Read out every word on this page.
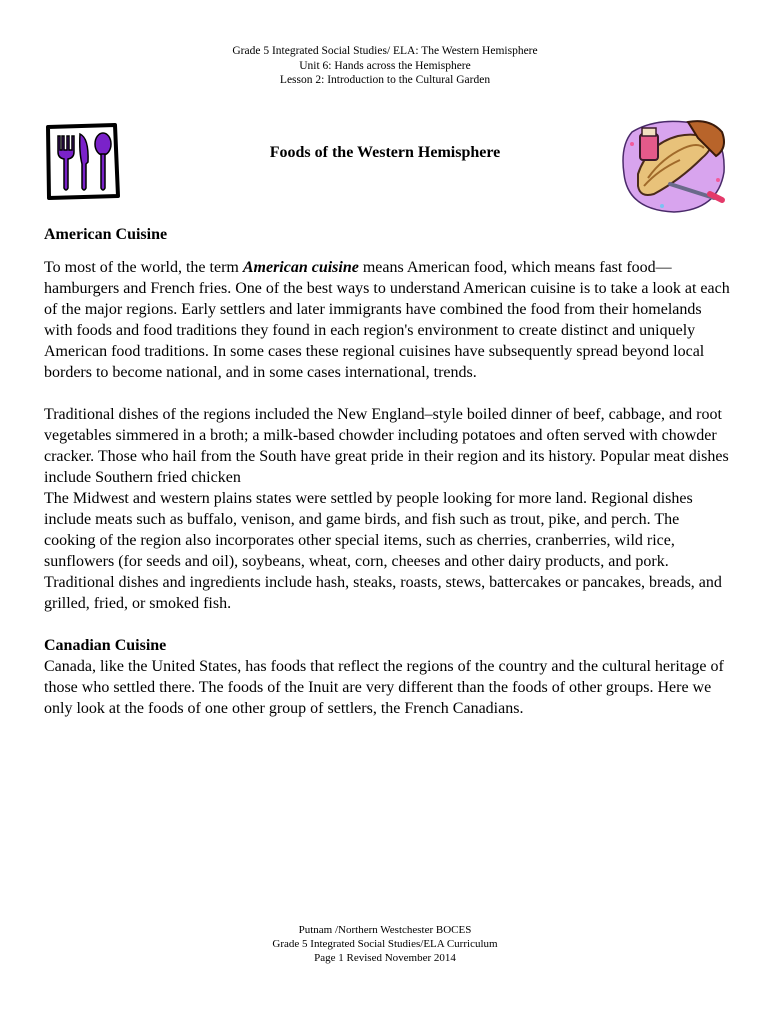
Grade 5 Integrated Social Studies/ ELA: The Western Hemisphere
Unit 6: Hands across the Hemisphere
Lesson 2: Introduction to the Cultural Garden
Foods of the Western Hemisphere
American Cuisine

To most of the world, the term American cuisine means American food, which means fast food—hamburgers and French fries. One of the best ways to understand American cuisine is to take a look at each of the major regions. Early settlers and later immigrants have combined the food from their homelands with foods and food traditions they found in each region's environment to create distinct and uniquely American food traditions. In some cases these regional cuisines have subsequently spread beyond local borders to become national, and in some cases international, trends.

Traditional dishes of the regions included the New England–style boiled dinner of beef, cabbage, and root vegetables simmered in a broth; a milk-based chowder including potatoes and often served with chowder cracker. Those who hail from the South have great pride in their region and its history. Popular meat dishes include Southern fried chicken

The Midwest and western plains states were settled by people looking for more land. Regional dishes include meats such as buffalo, venison, and game birds, and fish such as trout, pike, and perch. The cooking of the region also incorporates other special items, such as cherries, cranberries, wild rice, sunflowers (for seeds and oil), soybeans, wheat, corn, cheeses and other dairy products, and pork. Traditional dishes and ingredients include hash, steaks, roasts, stews, battercakes or pancakes, breads, and grilled, fried, or smoked fish.

Canadian Cuisine

Canada, like the United States, has foods that reflect the regions of the country and the cultural heritage of those who settled there. The foods of the Inuit are very different than the foods of other groups. Here we only look at the foods of one other group of settlers, the French Canadians.

Putnam /Northern Westchester BOCES
Grade 5 Integrated Social Studies/ELA Curriculum
Page 1 Revised November 2014
